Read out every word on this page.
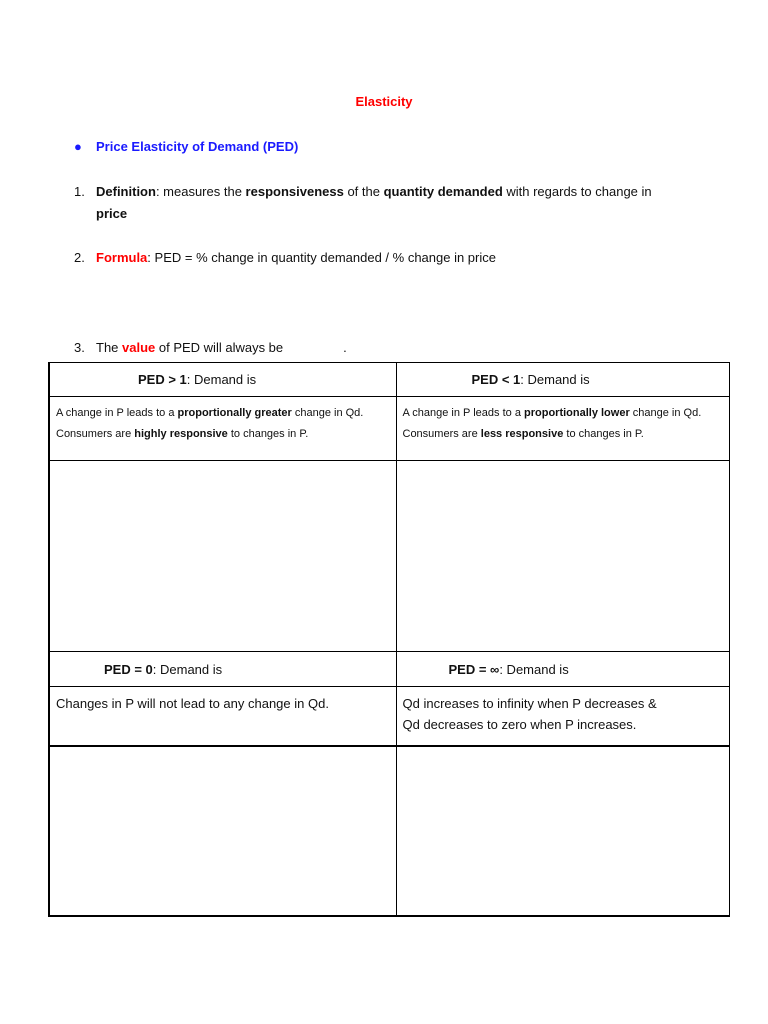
Elasticity
● Price Elasticity of Demand (PED)
1. Definition: measures the responsiveness of the quantity demanded with regards to change in
price
2. Formula: PED = % change in quantity demanded / % change in price
3. The value of PED will always be	.
PED > 1: Demand is	PED < 1: Demand is
A change in P leads to a proportionally greater change in Qd. Consumers are highly responsive to changes in P.	A change in P leads to a proportionally lower change in Qd. Consumers are less responsive to changes in P.

PED = 0: Demand is	PED = ∞: Demand is
Changes in P will not lead to any change in Qd.	Qd increases to infinity when P decreases &
Qd decreases to zero when P increases.
